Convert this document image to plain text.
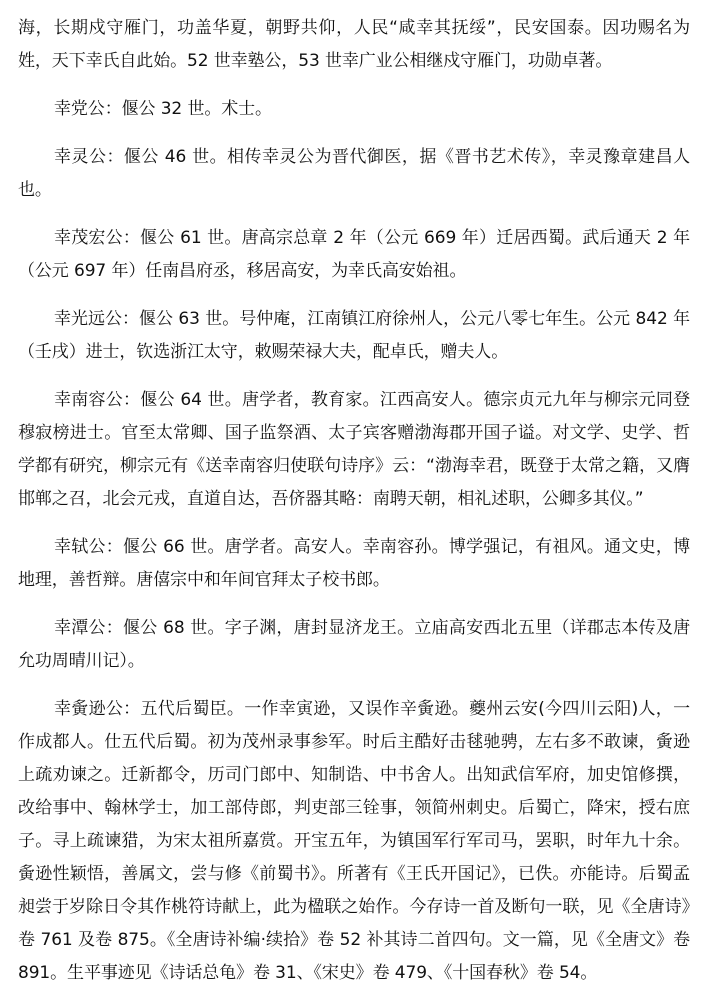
海，长期戍守雁门，功盖华夏，朝野共仰，人民“咸幸其抚绥”，民安国泰。因功赐名为姓，天下幸氏自此始。52 世幸塾公，53 世幸广业公相继戍守雁门，功勋卓著。

幸党公：偃公 32 世。术士。

幸灵公：偃公 46 世。相传幸灵公为晋代御医，据《晋书艺术传》，幸灵豫章建昌人也。

幸茂宏公：偃公 61 世。唐高宗总章 2 年（公元 669 年）迁居西蜀。武后通天 2 年（公元 697 年）任南昌府丞，移居高安，为幸氏高安始祖。

幸光远公：偃公 63 世。号仲庵，江南镇江府徐州人，公元八零七年生。公元 842 年（壬戌）进士，钦选浙江太守，敕赐荣禄大夫，配卓氏，赠夫人。

幸南容公：偃公 64 世。唐学者，教育家。江西高安人。德宗贞元九年与柳宗元同登穆寂榜进士。官至太常卿、国子监祭酒、太子宾客赠渤海郡开国子谥。对文学、史学、哲学都有研究，柳宗元有《送幸南容归使联句诗序》云：“渤海幸君，既登于太常之籍，又膺邯郸之召，北会元戎，直道自达，吾侪器其略：南聘天朝，相礼述职，公卿多其仪。”

幸轼公：偃公 66 世。唐学者。高安人。幸南容孙。博学强记，有祖风。通文史，博地理，善哲辩。唐僖宗中和年间官拜太子校书郎。

幸潭公：偃公 68 世。字子渊，唐封显济龙王。立庙高安西北五里（详郡志本传及唐允功周晴川记）。

幸夤逊公：五代后蜀臣。一作幸寅逊，又误作辛夤逊。夔州云安(今四川云阳)人，一作成都人。仕五代后蜀。初为茂州录事参军。时后主酷好击毬驰骋，左右多不敢谏，夤逊上疏劝谏之。迁新都令，历司门郎中、知制诰、中书舍人。出知武信军府，加史馆修撰，改给事中、翰林学士，加工部侍郎，判吏部三铨事，领简州刺史。后蜀亡，降宋，授右庶子。寻上疏谏猎，为宋太祖所嘉赏。开宝五年，为镇国军行军司马，罢职，时年九十余。夤逊性颖悟，善属文，尝与修《前蜀书》。所著有《王氏开国记》，已佚。亦能诗。后蜀孟昶尝于岁除日令其作桃符诗献上，此为楹联之始作。今存诗一首及断句一联，见《全唐诗》卷 761 及卷 875。《全唐诗补编·续拾》卷 52 补其诗二首四句。文一篇，见《全唐文》卷 891。生平事迹见《诗话总龟》卷 31、《宋史》卷 479、《十国春秋》卷 54。
